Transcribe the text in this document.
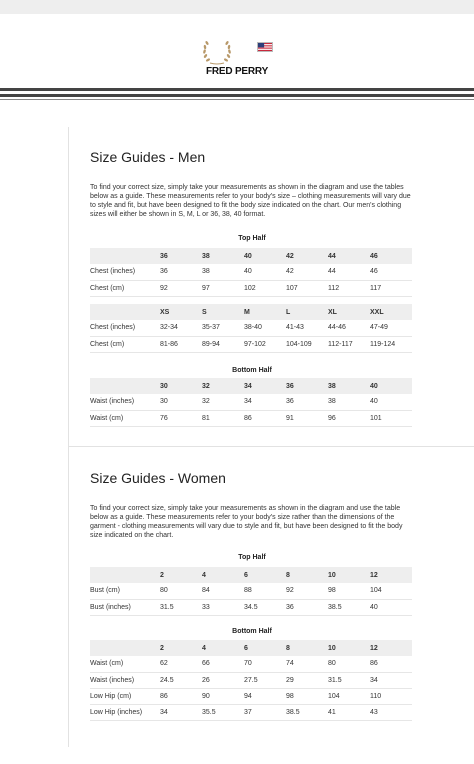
FRED PERRY
Size Guides - Men
To find your correct size, simply take your measurements as shown in the diagram and use the tables below as a guide. These measurements refer to your body's size – clothing measurements will vary due to style and fit, but have been designed to fit the body size indicated on the chart. Our men's clothing sizes will either be shown in S, M, L or 36, 38, 40 format.
Top Half
	36	38	40	42	44	46
Chest (inches)	36	38	40	42	44	46
Chest (cm)	92	97	102	107	112	117
	XS	S	M	L	XL	XXL
Chest (inches)	32-34	35-37	38-40	41-43	44-46	47-49
Chest (cm)	81-86	89-94	97-102	104-109	112-117	119-124
Bottom Half
	30	32	34	36	38	40
Waist (inches)	30	32	34	36	38	40
Waist (cm)	76	81	86	91	96	101
Size Guides - Women
To find your correct size, simply take your measurements as shown in the diagram and use the table below as a guide. These measurements refer to your body's size rather than the dimensions of the garment - clothing measurements will vary due to style and fit, but have been designed to fit the body size indicated on the chart.
Top Half
	2	4	6	8	10	12
Bust (cm)	80	84	88	92	98	104
Bust (inches)	31.5	33	34.5	36	38.5	40
Bottom Half
	2	4	6	8	10	12
Waist (cm)	62	66	70	74	80	86
Waist (inches)	24.5	26	27.5	29	31.5	34
Low Hip (cm)	86	90	94	98	104	110
Low Hip (inches)	34	35.5	37	38.5	41	43
